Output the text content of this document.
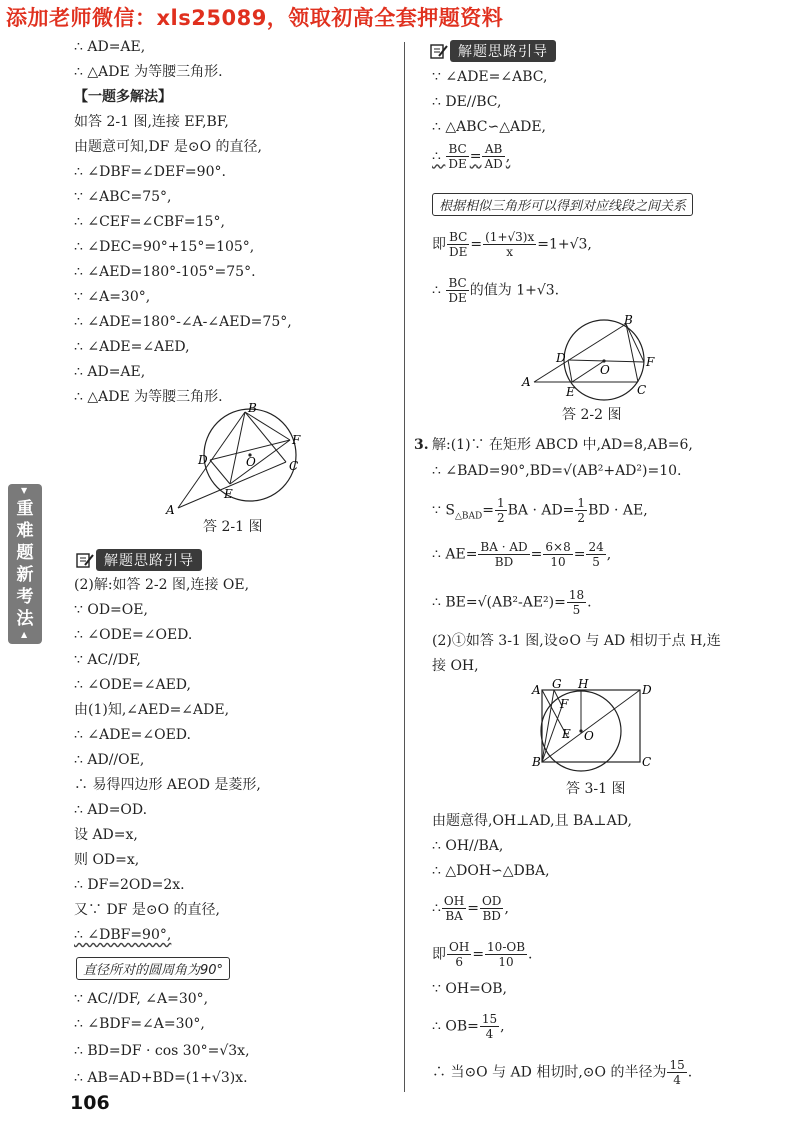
添加老师微信：xls25089，领取初高全套押题资料
∴ AD=AE,
∴ △ADE 为等腰三角形.
【一题多解法】
如答 2-1 图,连接 EF,BF,
由题意可知,DF 是⊙O 的直径,
∴ ∠DBF=∠DEF=90°.
∵ ∠ABC=75°,
∴ ∠CEF=∠CBF=15°,
∴ ∠DEC=90°+15°=105°,
∴ ∠AED=180°-105°=75°.
∵ ∠A=30°,
∴ ∠ADE=180°-∠A-∠AED=75°,
∴ ∠ADE=∠AED,
∴ AD=AE,
∴ △ADE 为等腰三角形.
A
B
C
D
E
F
O
答 2-1 图
解题思路引导
(2)解:如答 2-2 图,连接 OE,
∵ OD=OE,
∴ ∠ODE=∠OED.
∵ AC//DF,
∴ ∠ODE=∠AED,
由(1)知,∠AED=∠ADE,
∴ ∠ADE=∠OED.
∴ AD//OE,
∴ 易得四边形 AEOD 是菱形,
∴ AD=OD.
设 AD=x,
则 OD=x,
∴ DF=2OD=2x.
又∵ DF 是⊙O 的直径,
∴ ∠DBF=90°,
∵ AC//DF, ∠A=30°,
∴ ∠BDF=∠A=30°,
∴ BD=DF · cos 30°=√3x,
∴ AB=AD+BD=(1+√3)x.
直径所对的圆周角为90°
▼
重
难
题
新
考
法
▲
106
解题思路引导
∵ ∠ADE=∠ABC,
∴ DE//BC,
∴ △ABC∽△ADE,
∴ $\frac{BC}{DE} = \frac{AB}{AD}$ ,
即 $\frac{BC}{DE} = \frac{(1+√3)x}{x} =1+√3$,
∴ $\frac{BC}{DE}$ 的值为 1+√3.
根据相似三角形可以得到对应线段之间关系
A
B
C
D
E
F
O
答 2-2 图
3. 解:(1)∵ 在矩形 ABCD 中,AD=8,AB=6,
∴ ∠BAD=90°,BD=√(AB²+AD²)=10.
∵ $S_{\triangle BAD}= \frac{1}{2}$ BA · $AD= \frac{1}{2}$ BD · AE,
∴ $AE= \frac{BA \cdot AD}{BD} = \frac{6\times 8}{10} = \frac{24}{5}$ ,
∴ $BE=√(AB^2-AE^2)= \frac{18}{5}$ .
(2)①如答 3-1 图,设⊙O 与 AD 相切于点 H,连
接 OH,
A
B	C
D
E
F
G H
O
答 3-1 图
由题意得,OH⊥AD,且 BA⊥AD,
∴ OH//BA,
∴ △DOH∽△DBA,
∴ $\frac{OH}{BA} = \frac{OD}{BD}$ ,
即 $\frac{OH}{6} = \frac{10-OB}{10}$ .
∵ OH=OB,
∴ $OB= \frac{15}{4}$ ,
∴ 当⊙O 与 AD 相切时,⊙O 的半径为 $\frac{15}{4}$ .
